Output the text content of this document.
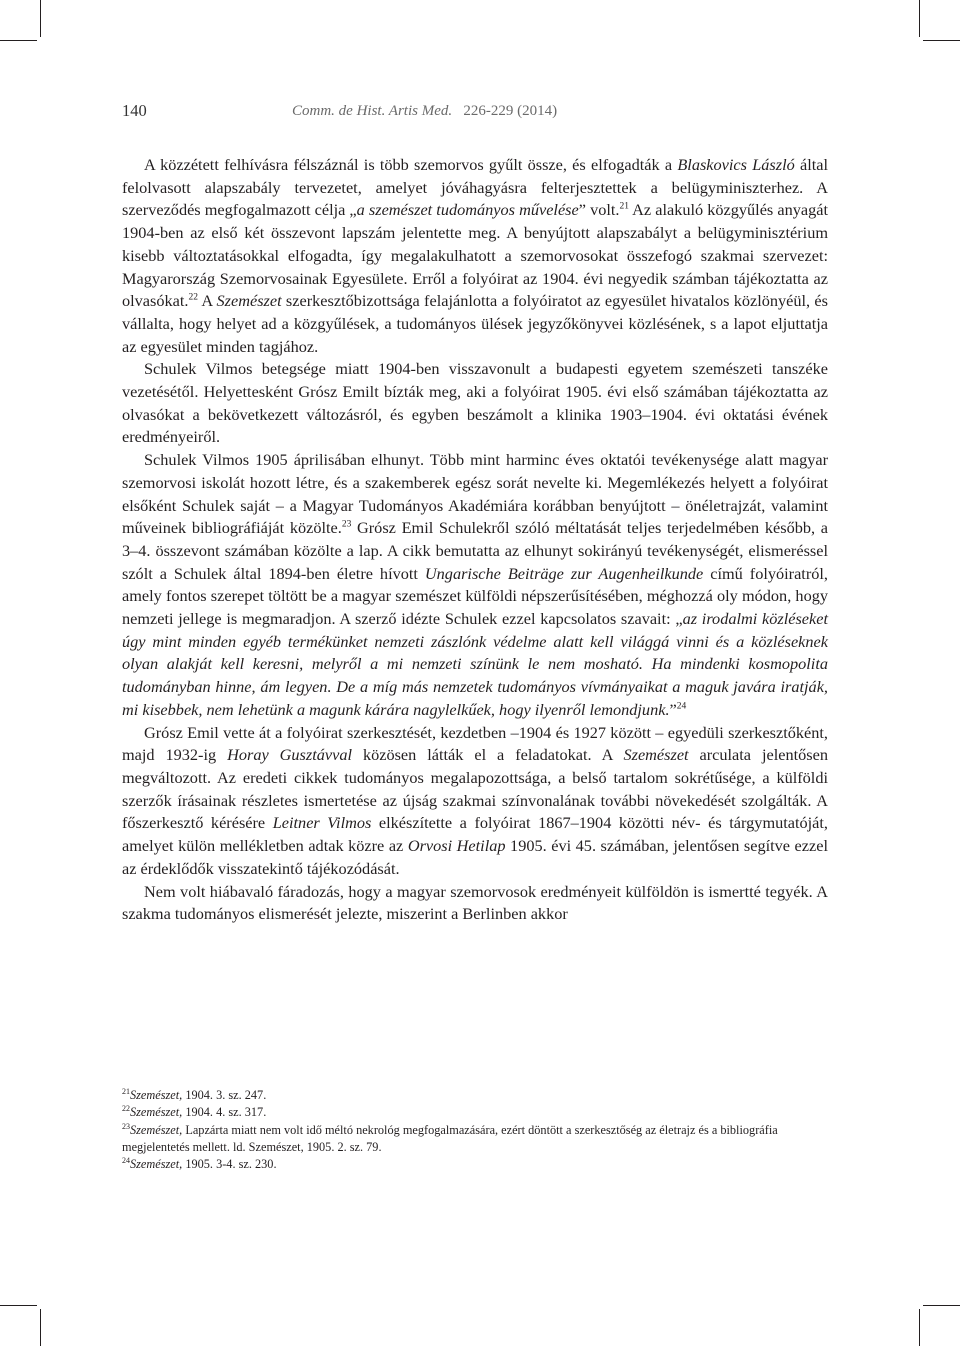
140	Comm. de Hist. Artis Med. 226-229 (2014)

A közzétett felhívásra félszáznál is több szemorvos gyűlt össze, és elfogadták a Blaskovics László által felolvasott alapszabály tervezetet, amelyet jóváhagyásra felterjesztettek a belügyminiszterhez. A szerveződés megfogalmazott célja „a szemészet tudományos művelése” volt.$^{21}$ Az alakuló közgyűlés anyagát 1904-ben az első két összevont lapszám jelentette meg. A benyújtott alapszabályt a belügyminisztérium kisebb változtatásokkal elfogadta, így megalakulhatott a szemorvosokat összefogó szakmai szervezet: Magyarország Szemorvosainak Egyesülete. Erről a folyóirat az 1904. évi negyedik számban tájékoztatta az olvasókat.$^{22}$ A Szemészet szerkesztőbizottsága felajánlotta a folyóiratot az egyesület hivatalos közlönyéül, és vállalta, hogy helyet ad a közgyűlések, a tudományos ülések jegyzőkönyvei közlésének, s a lapot eljuttatja az egyesület minden tagjához.

Schulek Vilmos betegsége miatt 1904-ben visszavonult a budapesti egyetem szemészeti tanszéke vezetésétől. Helyettesként Grósz Emilt bízták meg, aki a folyóirat 1905. évi első számában tájékoztatta az olvasókat a bekövetkezett változásról, és egyben beszámolt a klinika 1903–1904. évi oktatási évének eredményeiről.

Schulek Vilmos 1905 áprilisában elhunyt. Több mint harminc éves oktatói tevékenysége alatt magyar szemorvosi iskolát hozott létre, és a szakemberek egész sorát nevelte ki. Megemlékezés helyett a folyóirat elsőként Schulek saját – a Magyar Tudományos Akadémiára korábban benyújtott – önéletrajzát, valamint műveinek bibliográfiáját közölte.$^{23}$ Grósz Emil Schulekről szóló méltatását teljes terjedelmében később, a 3–4. összevont számában közölte a lap. A cikk bemutatta az elhunyt sokirányú tevékenységét, elismeréssel szólt a Schulek által 1894-ben életre hívott Ungarische Beiträge zur Augenheilkunde című folyóiratról, amely fontos szerepet töltött be a magyar szemészet külföldi népszerűsítésében, méghozzá oly módon, hogy nemzeti jellege is megmaradjon. A szerző idézte Schulek ezzel kapcsolatos szavait: „az irodalmi közléseket úgy mint minden egyéb termékünket nemzeti zászlónk védelme alatt kell világgá vinni és a közléseknek olyan alakját kell keresni, melyről a mi nemzeti színünk le nem mosható. Ha mindenki kosmopolita tudományban hinne, ám legyen. De a míg más nemzetek tudományos vívmányaikat a maguk javára iratják, mi kisebbek, nem lehetünk a magunk kárára nagylelkűek, hogy ilyenről lemondjunk.”$^{24}$

Grósz Emil vette át a folyóirat szerkesztését, kezdetben –1904 és 1927 között – egyedüli szerkesztőként, majd 1932-ig Horay Gusztávval közösen látták el a feladatokat. A Szemészet arculata jelentősen megváltozott. Az eredeti cikkek tudományos megalapozottsága, a belső tartalom sokrétűsége, a külföldi szerzők írásainak részletes ismertetése az újság szakmai színvonalának további növekedését szolgálták. A főszerkesztő kérésére Leitner Vilmos elkészítette a folyóirat 1867–1904 közötti név- és tárgymutatóját, amelyet külön mellékletben adtak közre az Orvosi Hetilap 1905. évi 45. számában, jelentősen segítve ezzel az érdeklődők visszatekintő tájékozódását.

Nem volt hiábavaló fáradozás, hogy a magyar szemorvosok eredményeit külföldön is ismertté tegyék. A szakma tudományos elismerését jelezte, miszerint a Berlinben akkor

$^{21}$Szemészet, 1904. 3. sz. 247.

$^{22}$Szemészet, 1904. 4. sz. 317.

$^{23}$Szemészet, Lapzárta miatt nem volt idő méltó nekrológ megfogalmazására, ezért döntött a szerkesztőség az életrajz és a bibliográfia megjelentetés mellett. ld. Szemészet, 1905. 2. sz. 79.

$^{24}$Szemészet, 1905. 3-4. sz. 230.
